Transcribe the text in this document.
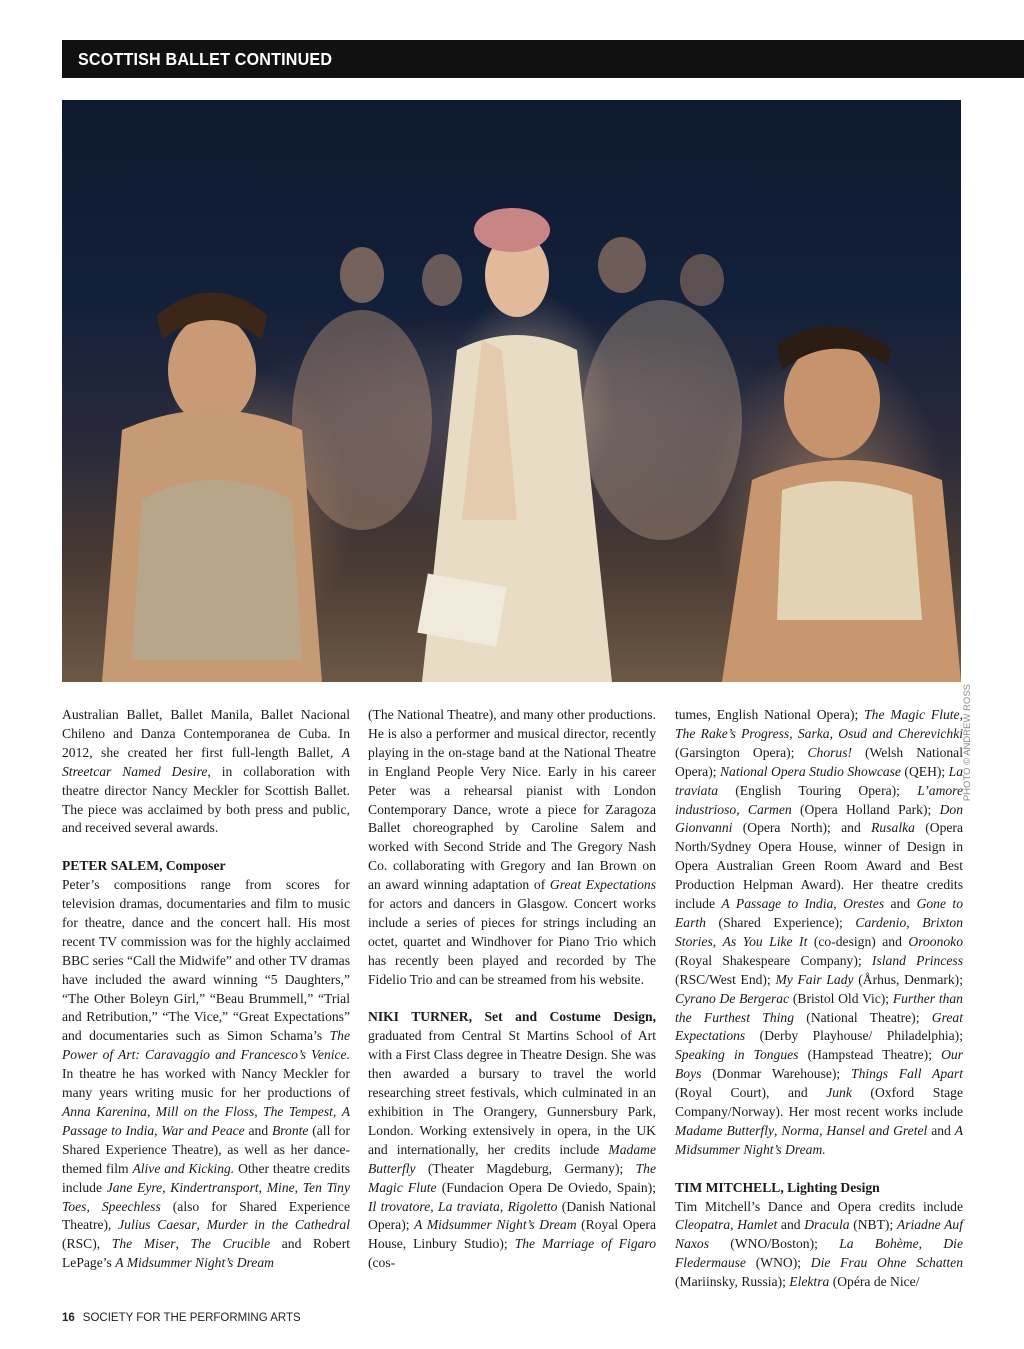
SCOTTISH BALLET CONTINUED
PHOTO © ANDREW ROSS

Australian Ballet, Ballet Manila, Ballet Nacional Chileno and Danza Contemporanea de Cuba. In 2012, she created her first full-length Ballet, A Streetcar Named Desire, in collaboration with theatre director Nancy Meckler for Scottish Ballet. The piece was acclaimed by both press and public, and received several awards.

PETER SALEM, Composer
Peter’s compositions range from scores for television dramas, documentaries and film to music for theatre, dance and the concert hall. His most recent TV commission was for the highly acclaimed BBC series “Call the Midwife” and other TV dramas have included the award winning “5 Daughters,” “The Other Boleyn Girl,” “Beau Brummell,” “Trial and Retribution,” “The Vice,” “Great Expectations” and documentaries such as Simon Schama’s The Power of Art: Caravaggio and Francesco’s Venice. In theatre he has worked with Nancy Meckler for many years writing music for her productions of Anna Karenina, Mill on the Floss, The Tempest, A Passage to India, War and Peace and Bronte (all for Shared Experience Theatre), as well as her dance-themed film Alive and Kicking. Other theatre credits include Jane Eyre, Kindertransport, Mine, Ten Tiny Toes, Speechless (also for Shared Experience Theatre), Julius Caesar, Murder in the Cathedral (RSC), The Miser, The Crucible and Robert LePage’s A Midsummer Night’s Dream

(The National Theatre), and many other productions. He is also a performer and musical director, recently playing in the on-stage band at the National Theatre in England People Very Nice. Early in his career Peter was a rehearsal pianist with London Contemporary Dance, wrote a piece for Zaragoza Ballet choreographed by Caroline Salem and worked with Second Stride and The Gregory Nash Co. collaborating with Gregory and Ian Brown on an award winning adaptation of Great Expectations for actors and dancers in Glasgow. Concert works include a series of pieces for strings including an octet, quartet and Windhover for Piano Trio which has recently been played and recorded by The Fidelio Trio and can be streamed from his website.

NIKI TURNER, Set and Costume Design, graduated from Central St Martins School of Art with a First Class degree in Theatre Design. She was then awarded a bursary to travel the world researching street festivals, which culminated in an exhibition in The Orangery, Gunnersbury Park, London. Working extensively in opera, in the UK and internationally, her credits include Madame Butterfly (Theater Magdeburg, Germany); The Magic Flute (Fundacion Opera De Oviedo, Spain); Il trovatore, La traviata, Rigoletto (Danish National Opera); A Midsummer Night’s Dream (Royal Opera House, Linbury Studio); The Marriage of Figaro (cos-

tumes, English National Opera); The Magic Flute, The Rake’s Progress, Sarka, Osud and Cherevichki (Garsington Opera); Chorus! (Welsh National Opera); National Opera Studio Showcase (QEH); La traviata (English Touring Opera); L’amore industrioso, Carmen (Opera Holland Park); Don Gionvanni (Opera North); and Rusalka (Opera North/Sydney Opera House, winner of Design in Opera Australian Green Room Award and Best Production Helpman Award). Her theatre credits include A Passage to India, Orestes and Gone to Earth (Shared Experience); Cardenio, Brixton Stories, As You Like It (co-design) and Oroonoko (Royal Shakespeare Company); Island Princess (RSC/West End); My Fair Lady (Århus, Denmark); Cyrano De Bergerac (Bristol Old Vic); Further than the Furthest Thing (National Theatre); Great Expectations (Derby Playhouse/ Philadelphia); Speaking in Tongues (Hampstead Theatre); Our Boys (Donmar Warehouse); Things Fall Apart (Royal Court), and Junk (Oxford Stage Company/Norway). Her most recent works include Madame Butterfly, Norma, Hansel and Gretel and A Midsummer Night’s Dream.

TIM MITCHELL, Lighting Design
Tim Mitchell’s Dance and Opera credits include Cleopatra, Hamlet and Dracula (NBT); Ariadne Auf Naxos (WNO/Boston); La Bohème, Die Fledermause (WNO); Die Frau Ohne Schatten (Mariinsky, Russia); Elektra (Opéra de Nice/

16 SOCIETY FOR THE PERFORMING ARTS
